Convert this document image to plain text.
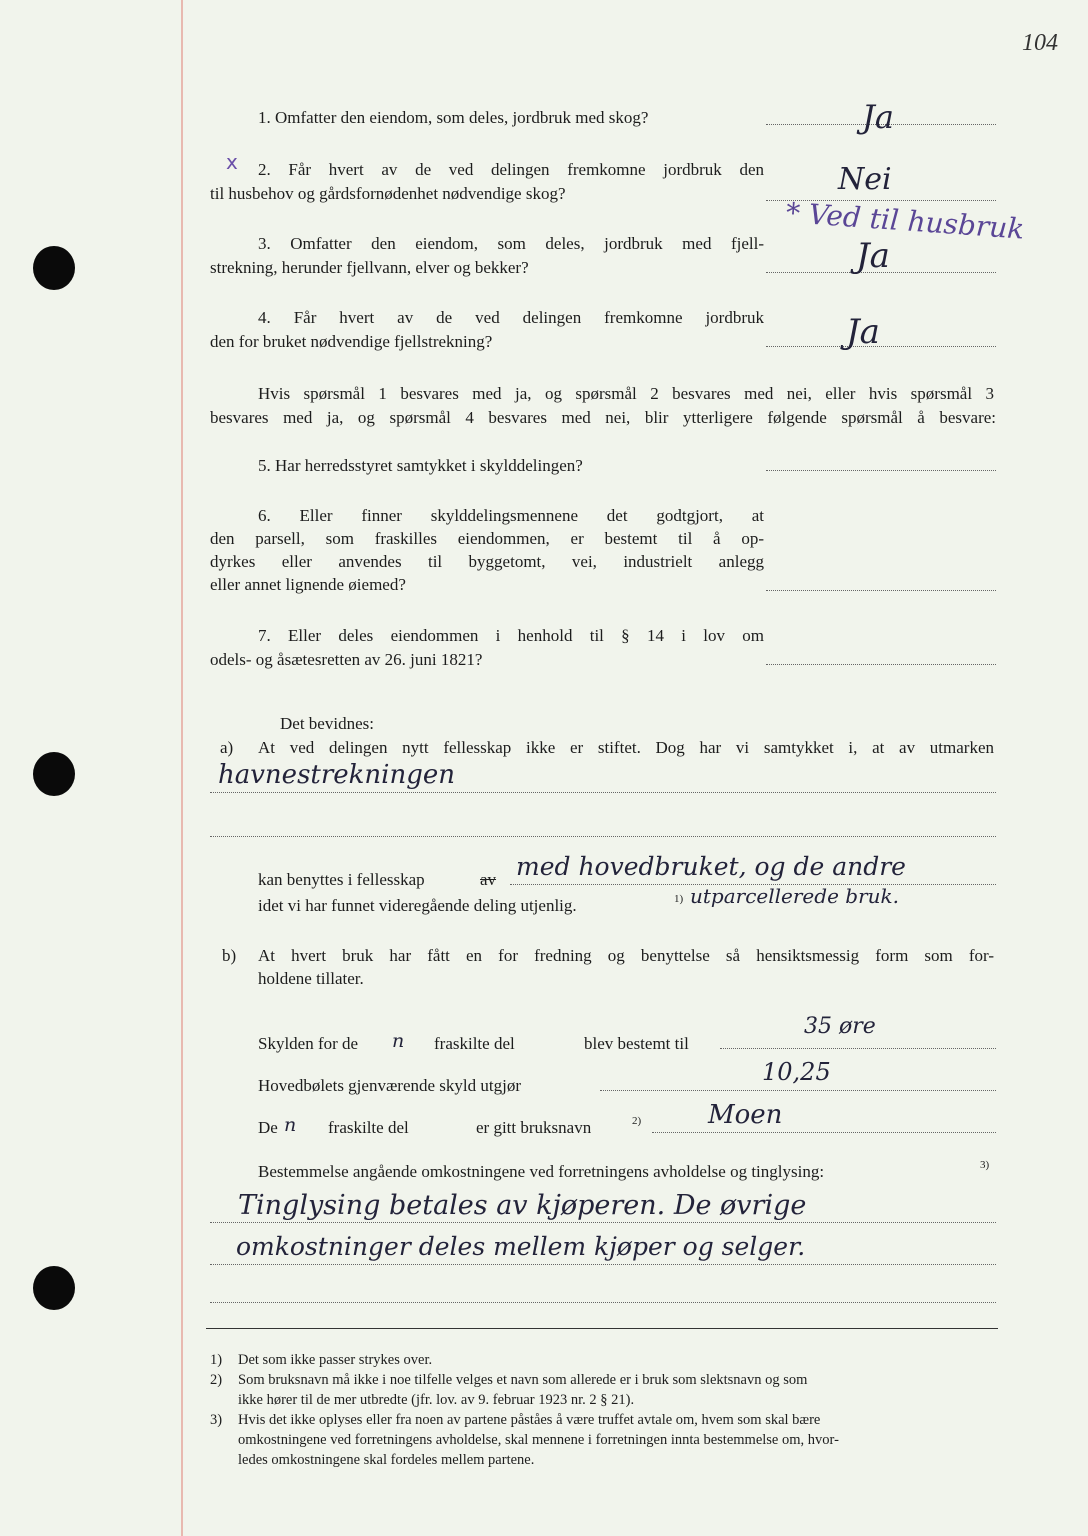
104
1. Omfatter den eiendom, som deles, jordbruk med skog?	Ja
x 2. Får hvert av de ved delingen fremkomne jordbruk den
til husbehov og gårdsfornødenhet nødvendige skog?	Nei
* Ved til husbruk
3. Omfatter den eiendom, som deles, jordbruk med fjell-
strekning, herunder fjellvann, elver og bekker?	Ja
4. Får hvert av de ved delingen fremkomne jordbruk
den for bruket nødvendige fjellstrekning?	Ja
Hvis spørsmål 1 besvares med ja, og spørsmål 2 besvares med nei, eller hvis spørsmål 3
besvares med ja, og spørsmål 4 besvares med nei, blir ytterligere følgende spørsmål å besvare:
5. Har herredsstyret samtykket i skylddelingen?
6. Eller finner skylddelingsmennene det godtgjort, at
den parsell, som fraskilles eiendommen, er bestemt til å op-
dyrkes eller anvendes til byggetomt, vei, industrielt anlegg
eller annet lignende øiemed?
7. Eller deles eiendommen i henhold til § 14 i lov om
odels- og åsætesretten av 26. juni 1821?
Det bevidnes:
a) At ved delingen nytt fellesskap ikke er stiftet. Dog har vi samtykket i, at av utmarken
havnestrekningen
kan benyttes i fellesskap	av med hovedbruket, og de andre
idet vi har funnet videregående deling utjenlig.	1) utparcellerede bruk.
b) At hvert bruk har fått en for fredning og benyttelse så hensiktsmessig form som for-
holdene tillater.
Skylden for de n fraskilte del	blev bestemt til
35 øre
Hovedbølets gjenværende skyld utgjør	10,25
De n fraskilte del	er gitt bruksnavn	2)	Moen
Bestemmelse angående omkostningene ved forretningens avholdelse og tinglysing:	3)
Tinglysing betales av kjøperen. De øvrige
omkostninger deles mellem kjøper og selger.
1) Det som ikke passer strykes over.
2) Som bruksnavn må ikke i noe tilfelle velges et navn som allerede er i bruk som slektsnavn og som
ikke hører til de mer utbredte (jfr. lov. av 9. februar 1923 nr. 2 § 21).
3) Hvis det ikke oplyses eller fra noen av partene påståes å være truffet avtale om, hvem som skal bære
omkostningene ved forretningens avholdelse, skal mennene i forretningen innta bestemmelse om, hvor-
ledes omkostningene skal fordeles mellem partene.
